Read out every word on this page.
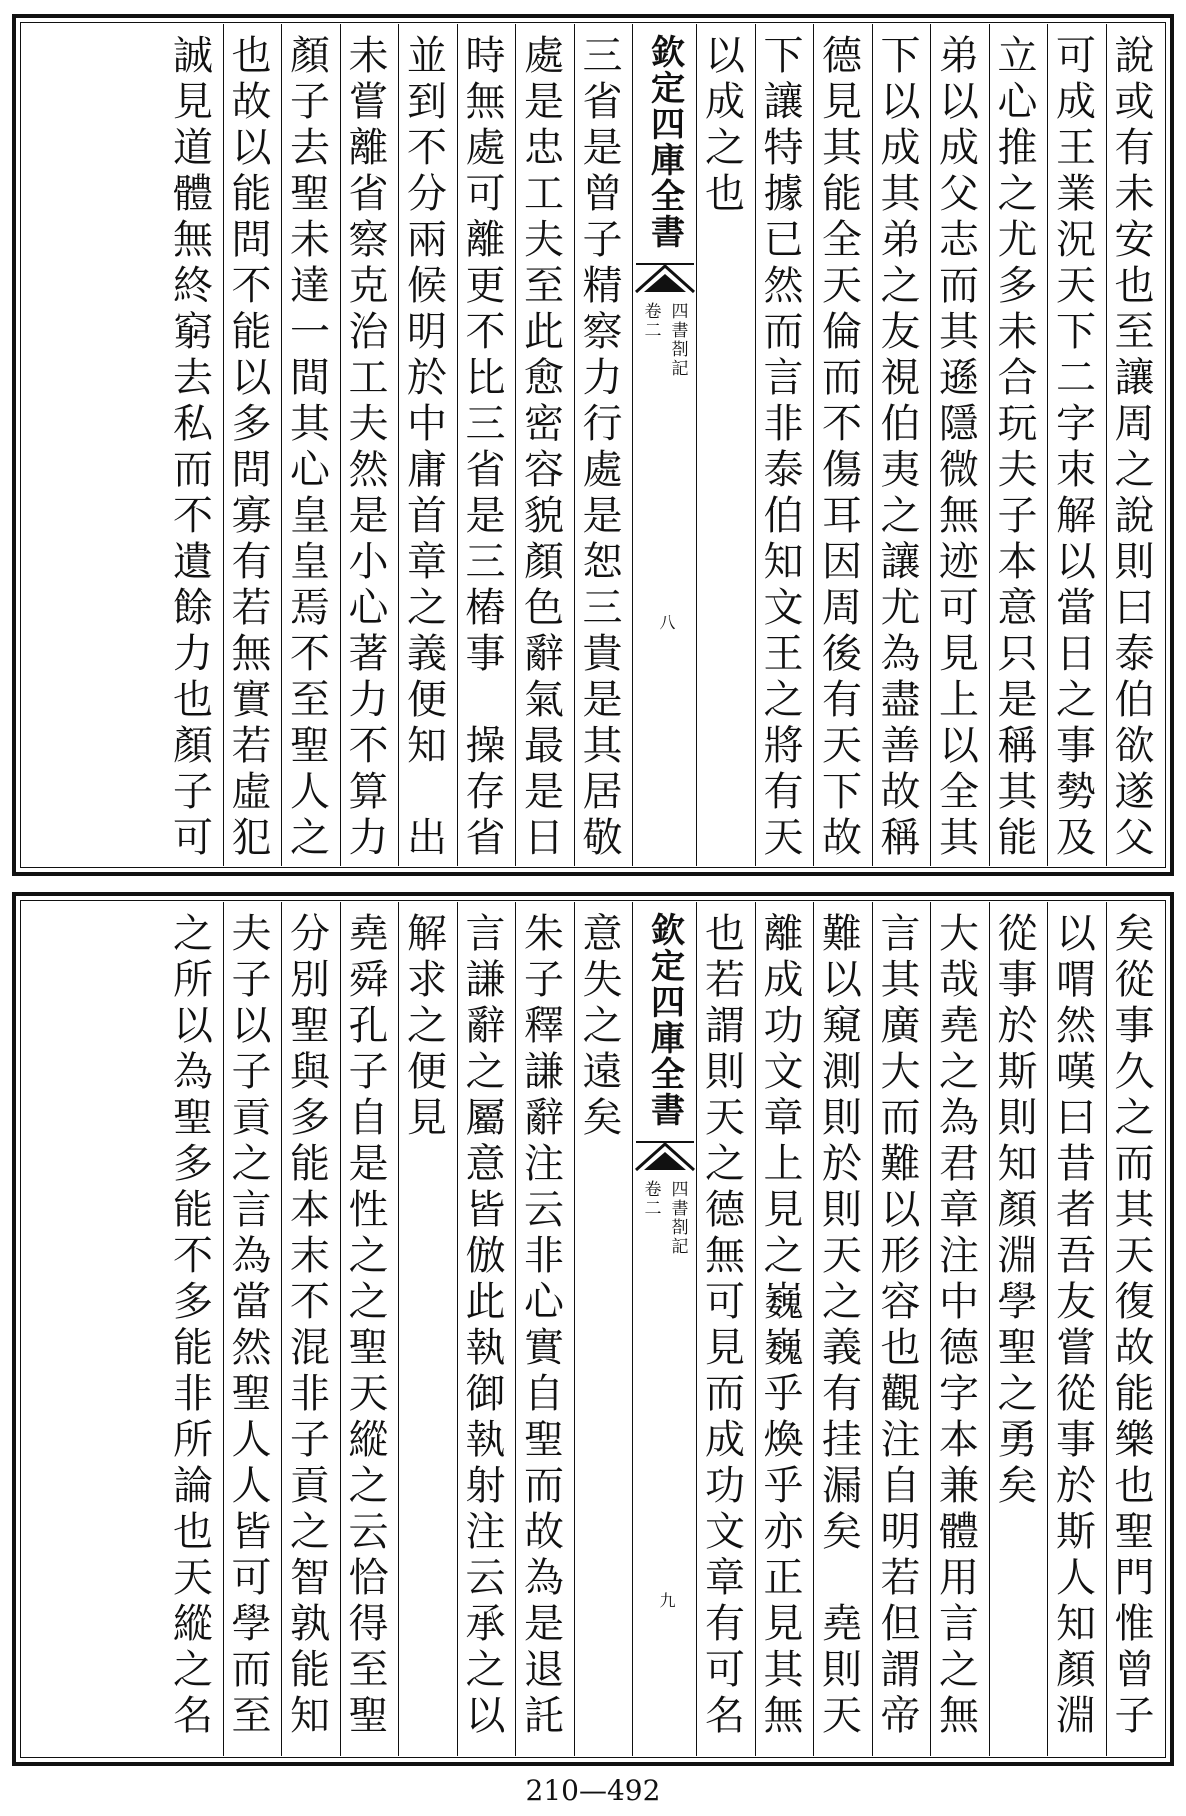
說或有未安也至讓周之說則曰泰伯欲遂父
可成王業況天下二字朿解以當日之事勢及
立心推之尤多未合玩夫子本意只是稱其能
弟以成父志而其遜隱微無迹可見上以全其
下以成其弟之友視伯夷之讓尤為盡善故稱
德見其能全天倫而不傷耳因周後有天下故
下讓特據已然而言非泰伯知文王之將有天
以成之也
欽定四庫全書
四書剳記
卷二
八
三省是曾子精察力行處是恕三貴是其居敬
處是忠工夫至此愈密容貌顏色辭氣最是日
時無處可離更不比三省是三樁事　操存省
並到不分兩候明於中庸首章之義便知　出
未嘗離省察克治工夫然是小心著力不算力
顏子去聖未達一間其心皇皇焉不至聖人之
也故以能問不能以多問寡有若無實若虛犯
誠見道體無終窮去私而不遺餘力也顏子可
矣從事久之而其天復故能樂也聖門惟曾子
以喟然嘆曰昔者吾友嘗從事於斯人知顏淵
從事於斯則知顏淵學聖之勇矣
大哉堯之為君章注中德字本兼體用言之無
言其廣大而難以形容也觀注自明若但謂帝
難以窺測則於則天之義有挂漏矣　堯則天
離成功文章上見之巍巍乎煥乎亦正見其無
也若謂則天之德無可見而成功文章有可名
欽定四庫全書
四書剳記
卷二
九
意失之遠矣
朱子釋謙辭注云非心實自聖而故為是退託
言謙辭之屬意皆倣此執御執射注云承之以
解求之便見
堯舜孔子自是性之之聖天縱之云恰得至聖
分別聖與多能本末不混非子貢之智孰能知
夫子以子貢之言為當然聖人人皆可學而至
之所以為聖多能不多能非所論也天縱之名
210—492
